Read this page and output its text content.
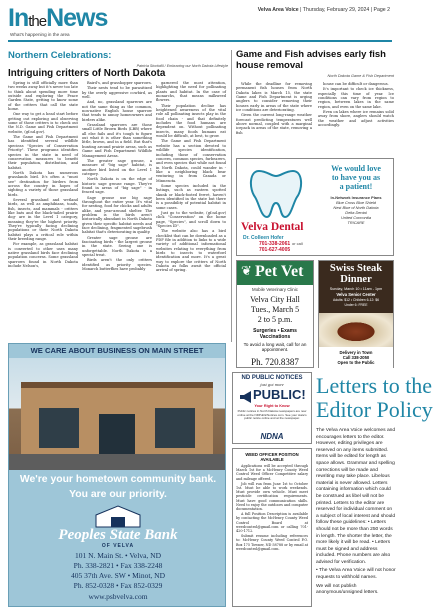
IntheNews
What's happening in the area
Velva Area Voice | Thursday, February 29, 2024 | Page 2
Northern Celebrations:
Patricia Stockdill / Embracing our North Dakota Lifestyle
Intriguing critters of North Dakota

Spring is still officially more than two weeks away but it's never too late to think about spending more time outside and exploring the Peace Garden State, getting to know some of the critters that call the state home.

One way to get a head start before getting out exploring and observing some of those critters is to check out the N.D. Game and Fish Department website, (gf.nd.gov).

The Game and Fish Department has identified several wildlife specieas "Species of Conservation Priority". These programs identifies species in the state in need of conservation measures to benefit their population, distribution, and habitat.

North Dakota has numerous grasslands bird. It's often a "must see" destination for birders from across the country in hopes of sighting a variety of those grassland birds.

Several grassland and wetland birds, as well as amphibians, toads, fish, insects, and mammals - critters like bats and the black-tailed prairie dog- are in the Level 1 category, meaning they're the highest priority. They're typically facing declining populations or their North Dakota habitat plays a critical role within their breeding range.

For example, as grassland habitat is converted to other uses many native grassland birds face declining population concerns. Some grassland sparrows found in North Dakota include Nelson's,

Baird's, and grasshopper sparrows.

Their nests tend to be parasitized by the overly aggressive cowbird, as well.

And, no, grassland sparrows are not the same thing as the common, non-native English house sparrow that tends to annoy homeowners and birders alike.

Grassland sparrows are those small Little Brown Birds (LBB) where all else fails and it's tough to figure out what it is other than something little, brown, and in a field. But that's hunting around prairie areas, such as Game and Fish Department Wildlife Management Areas.

The greater sage grouse, a measure of "big sage" habitat, is another bird listed on the Level 1 category.

North Dakota is on the edge of historic sage grouse range. They're found in areas of "big sage" - in fenced sage.

Sage grouse use big sage throughout the entire year. It's vital for nesting, food for chicks and adults alike, and year-around shelter. The problem is the birds aren't historically abundant in North Dakota given their specific habitat needs and face declining, fragmented sagebrush habitat that's deteriorating in quality.

Greater sage grouse are fascinating birds - the largest grouse in the state. Seeing one is unforgettable. North Dakota is a special treat.

Birds aren't the only critters identified as priority species. Monarch butterflies have probably

garnered the most attention, highlighting the need for pollinating plants and habitat. In the case of monarchs, that means milkweed flowers.

Their population decline has heightened awareness of the vital role all pollinating insects play in the food chain - and that definitely includes the food humans are dependent on. Without pollinating insects, many foods humans eat would be difficult, at best, to grow.

The Game and Fish Department website has a section devoted to wildlife species identification, including those of conservation concern, common species, furbearers, and even species that while not found in North Dakota, could wander in - like a neighboring black bear venturing in from Canada or Minnesota.

Some species included in the listings, such as eastern spotted skunk or black-footed ferret, haven't been identified in the state but there is a possibility of potential habitat in some cases.

Just go to the website, (gf.nd.gov) click "Conservation" on the home page, "Species", and scroll down to "Species ID".

The website also has a bird checklist that can be downloaded as a PDF file in addition to links to a wide variety of additional informational websites relating to everything from birds to insects to waterfowl identification and more. It's a great way to explore the critters of North Dakota as folks await the official arrival of spring.

WE CARE ABOUT BUSINESS ON MAIN STREET
We're your hometown community bank.
You are our priority.
Peoples State Bank
OF VELVA
101 N. Main St. • Velva, ND
Ph. 338-2821 • Fax 338-2248
405 37th Ave. SW • Minot, ND
Ph. 852-0328 • Fax 852-0329
www.psbvelva.com
Game and Fish advises early fish house removal
North Dakota Game & Fish Department

While the deadline for removing permanent fish houses from North Dakota lakes is March 15, the state Game and Fish Department is urging anglers to consider removing their houses early in areas of the state where ice conditions are deteriorating.

Given the current long-range weather forecast predicting temperatures well above normal, coupled with a marginal icepack in areas of the state, removing a fish

house can be difficult or dangerous.

It's important to check ice thickness, especially this time of year. Ice conditions can vary from region to region, between lakes in the same region, and even on the same lake.

Even on lakes where ice remains solid away from shore, anglers should watch the weather and adjust activities accordingly.

Velva Dental
Dr. Colleen Hofer
701-338-2061 or call
701-627-4005
We would love
to have you as
a patient!
In-Network Insurance Plans
Blue Cross Blue Shield
Nest Blue of North Dakota
Delta Dental
United Concordia
TRICARE
❦ Pet Vet
Mobile Veterinary Clinic
Velva City Hall
Tues., March 5
2 to 5 p.m.
Surgeries • Exams
Vaccinations
To avoid a long wait, call for an appointment.
Ph. 720.8387
Swiss Steak
Dinner
Sunday, March 10 • 11am - 1pm
Velva Senior Center
Adults: $12 • Children 6-12: $6
Under 6: FREE
Delivery in Town
Call 338-2050
Open to the Public
ND PUBLIC NOTICES
just got more
PUBLIC!
Your Right to Know
Public notices in North Dakota newspapers are now online at the NDPublicNotices.com. See your state's public notice online and at the newspaper.
NDNA
WEED OFFICER POSITION AVAILABLE

Applications will be accepted through March 1st for a McHenry County Weed Control Weed Officer Competitive salary and mileage offered.

Job will run from June 1st to October 1st. Must be able to work weekends. Must provide own vehicle. Must meet pesticide certification requirements. Must have good communication skills. Need to enjoy the outdoors and computer documentation.

A full Position Description is available by contacting the McHenry County Weed Control Board at weedcontrol@gmail.com or calling 701-420-1712.

Submit resume including references to: McHenry County Weed Control P.O. Box 175 Towner, ND 58788 or by email at weedcontrol@gmail.com.

Letters to the
Editor Policy

The Velva Area Voice welcomes and encourages letters to the editor. However, editing privileges are reserved on any items submitted. Items will be edited for length as space allows. Grammar and spelling corrections will be made and rewriting may take place. Libelous material is never allowed. Letters containing information which could be construed as libel will not be printed. Letters to the editor are reserved for individual comment on a subject of local interest and should follow these guidelines: • Letters should not be more than 250 words in length. The shorter the letter, the more likely it will be read. • Letters must be signed and address included. Phone numbers are also advised for verification.

• The Velva Area Voice will not honor requests to withhold names.

We will not publish anonymous/unsigned letters.
